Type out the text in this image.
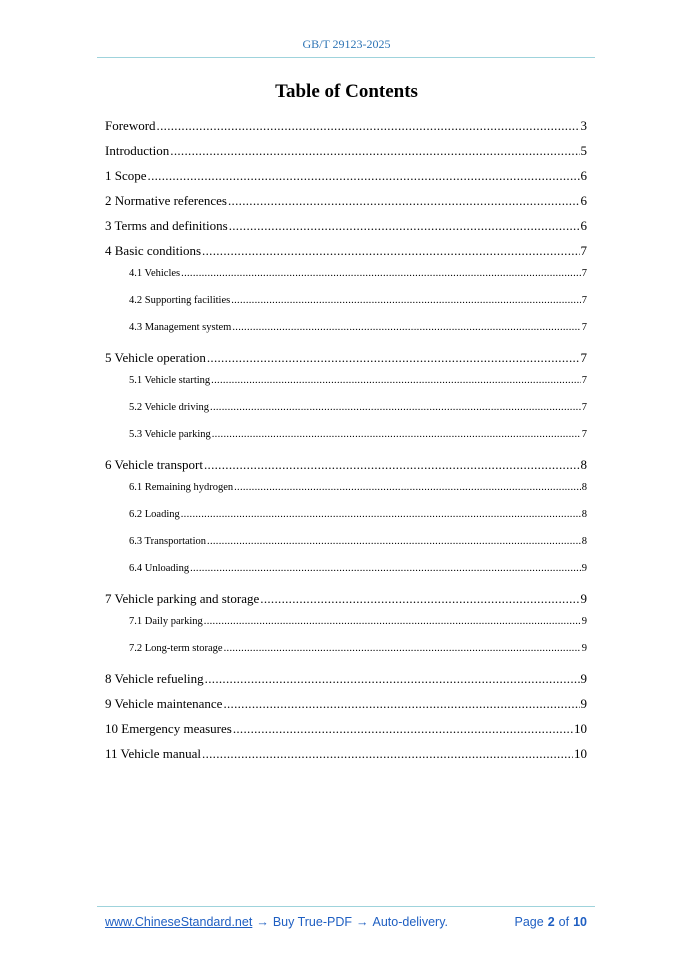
GB/T 29123-2025
Table of Contents
Foreword .....	3
Introduction .....	5
1 Scope .....	6
2 Normative references .....	6
3 Terms and definitions .....	6
4 Basic conditions .....	7
4.1 Vehicles .....	7
4.2 Supporting facilities .....	7
4.3 Management system .....	7
5 Vehicle operation .....	7
5.1 Vehicle starting .....	7
5.2 Vehicle driving .....	7
5.3 Vehicle parking .....	7
6 Vehicle transport .....	8
6.1 Remaining hydrogen .....	8
6.2 Loading .....	8
6.3 Transportation .....	8
6.4 Unloading .....	9
7 Vehicle parking and storage .....	9
7.1 Daily parking .....	9
7.2 Long-term storage .....	9
8 Vehicle refueling .....	9
9 Vehicle maintenance .....	9
10 Emergency measures .....	10
11 Vehicle manual .....	10
www.ChineseStandard.net → Buy True-PDF → Auto-delivery.	Page 2 of 10
